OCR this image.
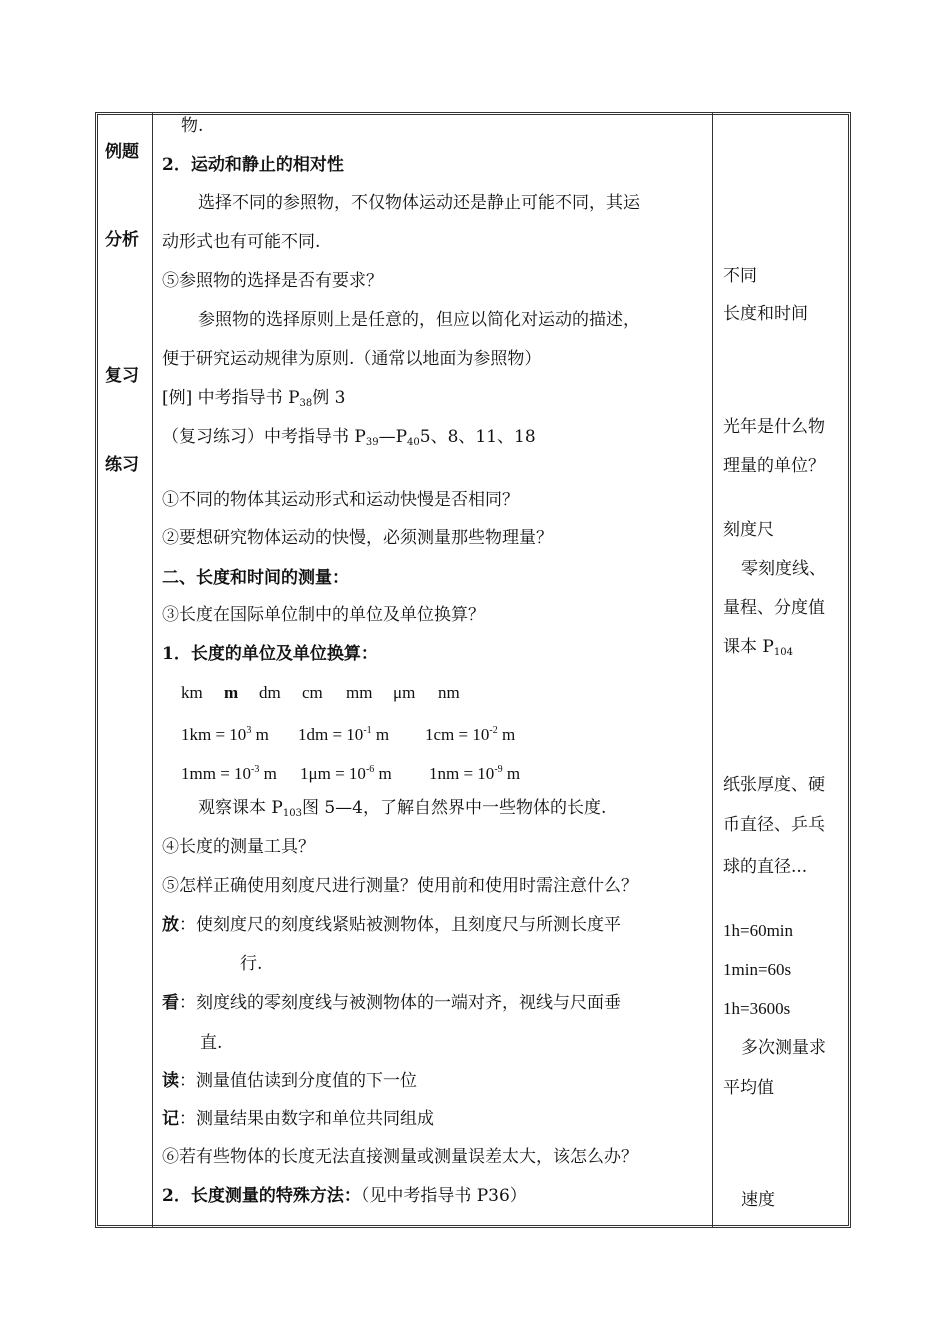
例题
分析
复习
练习
物.
2．运动和静止的相对性
选择不同的参照物，不仅物体运动还是静止可能不同，其运
动形式也有可能不同.
⑤参照物的选择是否有要求？
参照物的选择原则上是任意的，但应以简化对运动的描述，
便于研究运动规律为原则.（通常以地面为参照物）
[例] 中考指导书 $P_{38}$例 3
（复习练习）中考指导书 $P_{39}—P_{40}5$、8、11、18
①不同的物体其运动形式和运动快慢是否相同？
②要想研究物体运动的快慢，必须测量那些物理量？
二、长度和时间的测量：
③长度在国际单位制中的单位及单位换算？
1．长度的单位及单位换算：
km m dm cm mm μm nm
$1km = 10^3$ m $1dm = 10^{-1}$ m $1cm = 10^{-2}$ m
$1mm = 10^{-3}$ m $1\mu m = 10^{-6}$ m $1nm = 10^{-9}$ m
观察课本 $P_{103}$图 5—4，了解自然界中一些物体的长度.
④长度的测量工具？
⑤怎样正确使用刻度尺进行测量？使用前和使用时需注意什么？
放：使刻度尺的刻度线紧贴被测物体，且刻度尺与所测长度平
行.
看：刻度线的零刻度线与被测物体的一端对齐，视线与尺面垂
直.
读：测量值估读到分度值的下一位
记：测量结果由数字和单位共同组成
⑥若有些物体的长度无法直接测量或测量误差太大，该怎么办？
2．长度测量的特殊方法：（见中考指导书 P36）
不同
长度和时间
光年是什么物
理量的单位？
刻度尺
零刻度线、
量程、分度值
课本 $P_{104}$
纸张厚度、硬
币直径、乒乓
球的直径...
1h=60min
1min=60s
1h=3600s
多次测量求
平均值
速度
